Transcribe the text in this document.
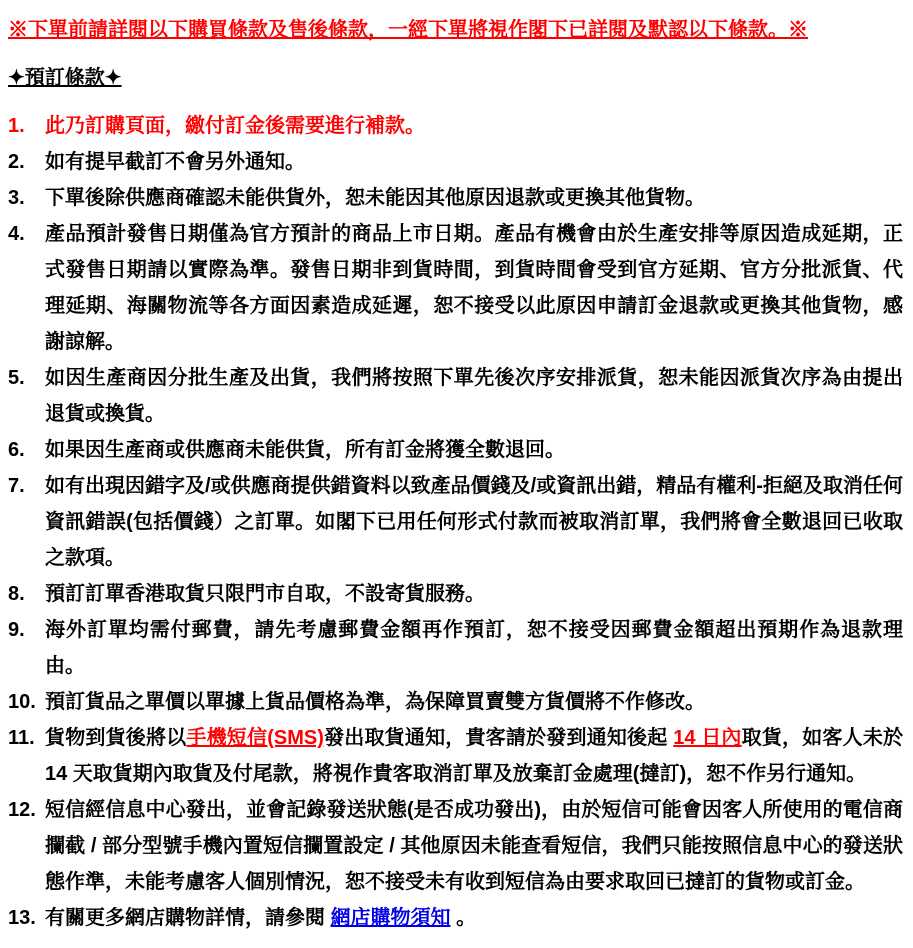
※下單前請詳閱以下購買條款及售後條款，一經下單將視作閣下已詳閱及默認以下條款。※
✦預訂條款✦
1.	此乃訂購頁面，繳付訂金後需要進行補款。
2.	如有提早截訂不會另外通知。
3.	下單後除供應商確認未能供貨外，恕未能因其他原因退款或更換其他貨物。
4.	產品預計發售日期僅為官方預計的商品上市日期。產品有機會由於生產安排等原因造成延期，正式發售日期請以實際為準。發售日期非到貨時間，到貨時間會受到官方延期、官方分批派貨、代理延期、海關物流等各方面因素造成延遲，恕不接受以此原因申請訂金退款或更換其他貨物，感謝諒解。
5.	如因生產商因分批生產及出貨，我們將按照下單先後次序安排派貨，恕未能因派貨次序為由提出退貨或換貨。
6.	如果因生產商或供應商未能供貨，所有訂金將獲全數退回。
7.	如有出現因錯字及/或供應商提供錯資料以致產品價錢及/或資訊出錯，精品有權利-拒絕及取消任何資訊錯誤(包括價錢）之訂單。如閣下已用任何形式付款而被取消訂單，我們將會全數退回已收取之款項。
8.	預訂訂單香港取貨只限門市自取，不設寄貨服務。
9.	海外訂單均需付郵費，請先考慮郵費金額再作預訂，恕不接受因郵費金額超出預期作為退款理由。
10. 預訂貨品之單價以單據上貨品價格為準，為保障買賣雙方貨價將不作修改。
11. 貨物到貨後將以手機短信(SMS)發出取貨通知，貴客請於發到通知後起 14 日內取貨，如客人未於 14 天取貨期內取貨及付尾款，將視作貴客取消訂單及放棄訂金處理(撻訂)，恕不作另行通知。
12. 短信經信息中心發出，並會記錄發送狀態(是否成功發出)，由於短信可能會因客人所使用的電信商攔截 / 部分型號手機內置短信攔置設定 / 其他原因未能查看短信，我們只能按照信息中心的發送狀態作準，未能考慮客人個別情況，恕不接受未有收到短信為由要求取回已撻訂的貨物或訂金。
13. 有關更多網店購物詳情，請參閱 網店購物須知 。
